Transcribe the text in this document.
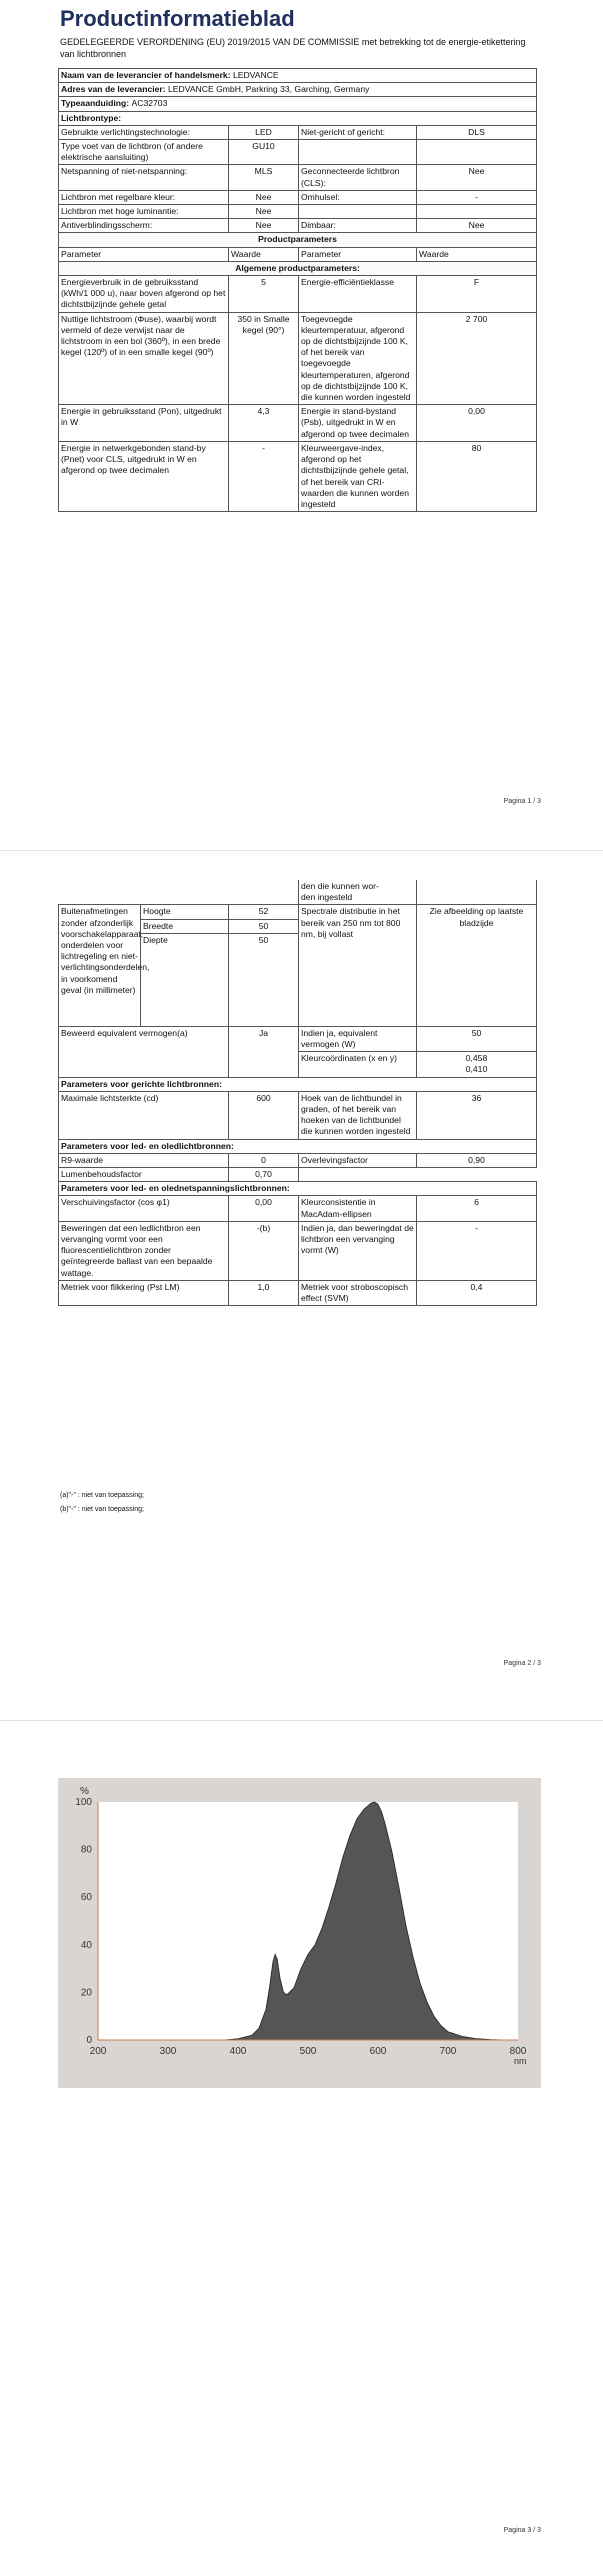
Productinformatieblad
GEDELEGEERDE VERORDENING (EU) 2019/2015 VAN DE COMMISSIE met betrekking tot de energie-etikettering van lichtbronnen
Naam van de leverancier of handelsmerk: LEDVANCE			
Adres van de leverancier: LEDVANCE GmbH, Parkring 33, Garching, Germany			
Typeaanduiding: AC32703			
Lichtbrontype:			
Gebruikte verlichtingstechnologie:	LED	Niet-gericht of gericht:	DLS
Type voet van de lichtbron (of andere elektrische aansluiting)	GU10		
Netspanning of niet-netspanning:	MLS	Geconnecteerde lichtbron (CLS):	Nee
Lichtbron met regelbare kleur:	Nee	Omhulsel:	-
Lichtbron met hoge luminantie:	Nee		
Antiverblindingsscherm:	Nee	Dimbaar:	Nee
Productparameters			
Parameter	Waarde	Parameter	Waarde
Algemene productparameters:			
Energieverbruik in de gebruiksstand (kWh/1 000 u), naar boven afgerond op het dichtstbijzijnde gehele getal	5	Energie-efficiëntieklasse	F
Nuttige lichtstroom (Φuse), waarbij wordt vermeld of deze verwijst naar de lichtstroom in een bol (360º), in een brede kegel (120º) of in een smalle kegel (90º)	350 in Smalle kegel (90°)	Toegevoegde kleurtemperatuur, afgerond op de dichtstbijzijnde 100 K, of het bereik van toegevoegde kleurtemperaturen, afgerond op de dichtstbijzijnde 100 K, die kunnen worden ingesteld	2 700
Energie in gebruiksstand (Pon), uitgedrukt in W	4,3	Energie in stand-bystand (Psb), uitgedrukt in W en afgerond op twee decimalen	0,00
Energie in netwerkgebonden stand-by (Pnet) voor CLS, uitgedrukt in W en afgerond op twee decimalen	-	Kleurweergave-index, afgerond op het dichtstbijzijnde gehele getal, of het bereik van CRI-waarden die kunnen worden ingesteld	80
Pagina 1 / 3
			den die kunnen wor-
den ingesteld	
Buitenafmetingen zonder afzonderlijk voorschakelapparaat, onderdelen voor lichtregeling en niet-verlichtingsonderdelen, in voorkomend geval (in millimeter)	Hoogte	52	Spectrale distributie in het bereik van 250 nm tot 800 nm, bij vollast	Zie afbeelding op laatste bladzijde
	Breedte	50		
	Diepte	50		
Beweerd equivalent vermogen(a)		Ja	Indien ja, equivalent vermogen (W)	50
			Kleurcoördinaten (x en y)	0,458
0,410

Parameters voor gerichte lichtbronnen:				
Maximale lichtsterkte (cd)		600	Hoek van de lichtbundel in graden, of het bereik van hoeken van de lichtbundel die kunnen worden ingesteld	36
Parameters voor led- en oledlichtbronnen:				
R9-waarde		0	Overlevingsfactor	0,90
Lumenbehoudsfactor		0,70		
Parameters voor led- en olednetspanningslichtbronnen:				
Verschuivingsfactor (cos φ1)		0,00	Kleurconsistentie in MacAdam-ellipsen	6
Beweringen dat een ledlichtbron een vervanging vormt voor een fluorescentielichtbron zonder geïntegreerde ballast van een bepaalde wattage.		-(b)	Indien ja, dan beweringdat de lichtbron een vervanging vormt (W)	-
Metriek voor flikkering (Pst LM)		1,0	Metriek voor stroboscopisch effect (SVM)	0,4
(a)"-" : niet van toepassing;
(b)"-" : niet van toepassing;
Pagina 2 / 3
Pagina 3 / 3
200	300	400	500	600	700	800
0
20
40
60
80
100
%
nm
